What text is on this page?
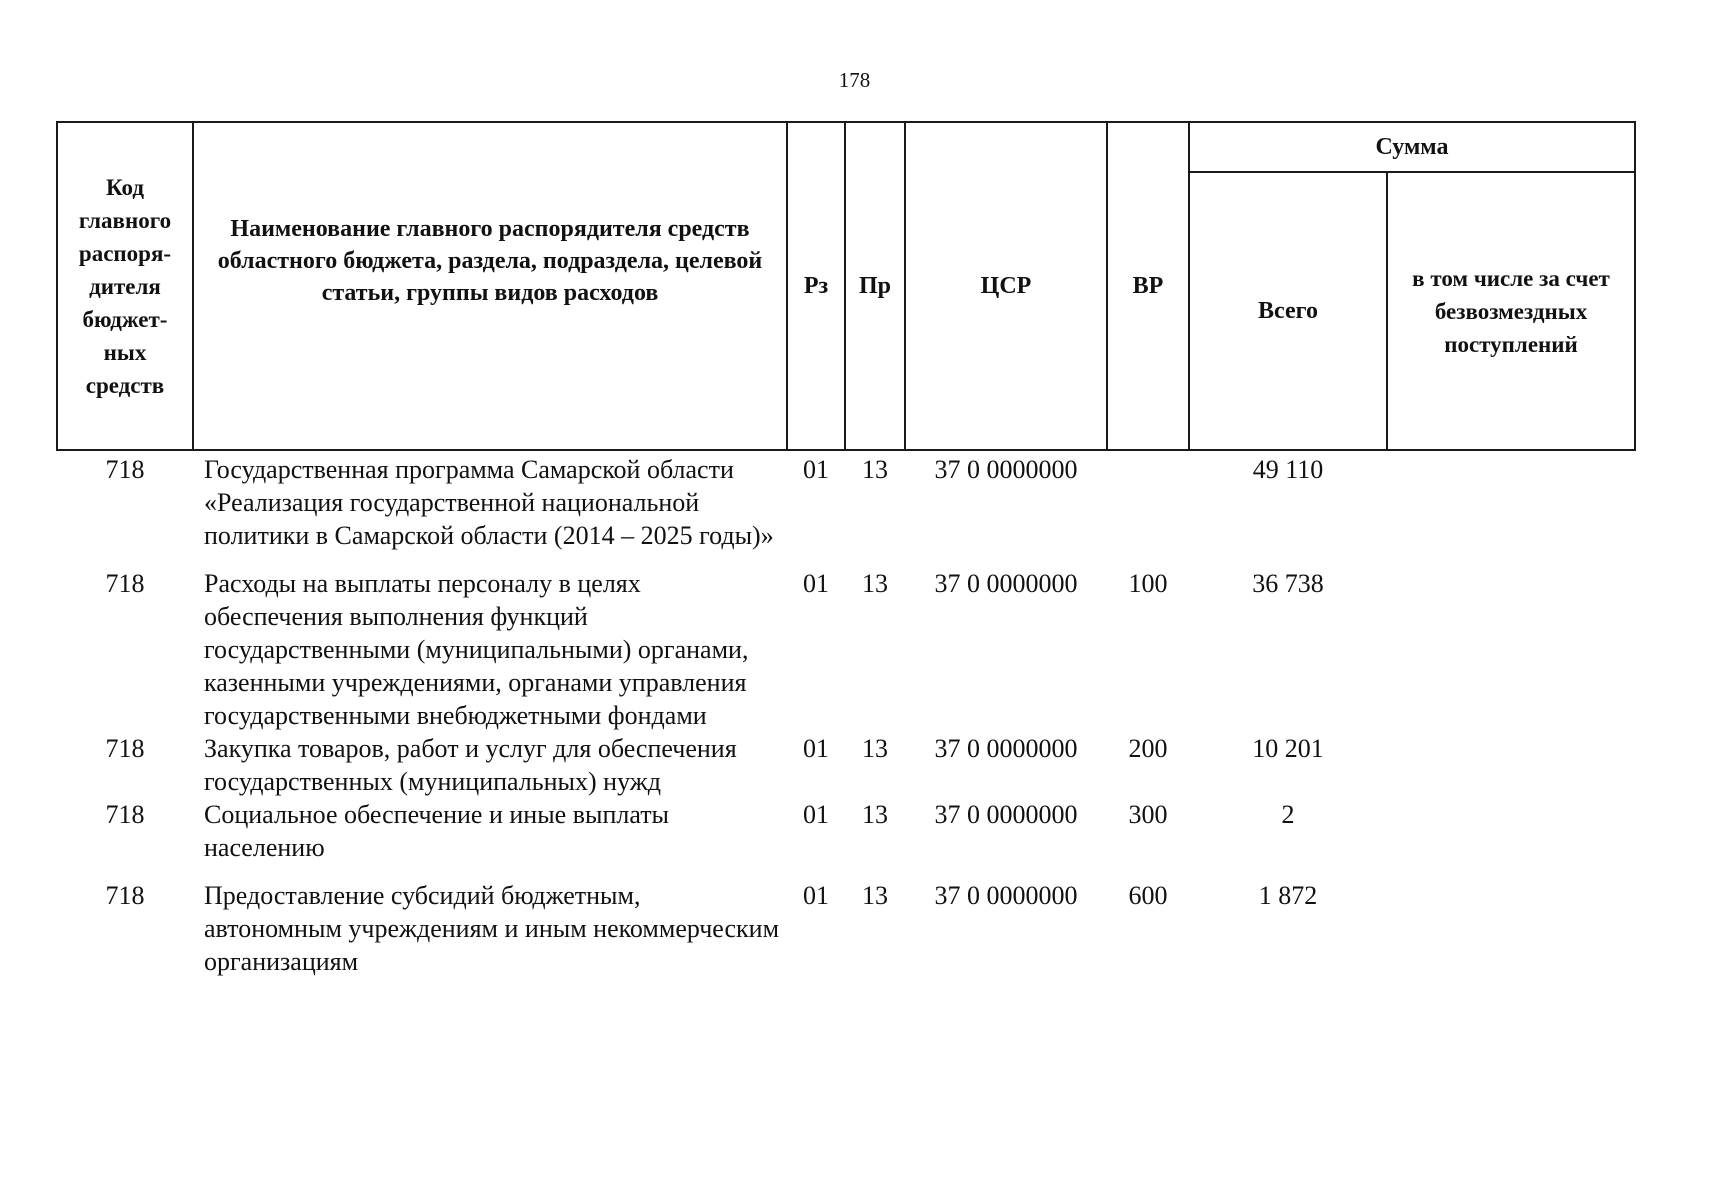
178
Код главного распоря-дителя бюджет-ных средств	Наименование главного распорядителя средств областного бюджета, раздела, подраздела, целевой статьи, группы видов расходов	Рз	Пр	ЦСР	ВР	Сумма	
						Всего	в том числе за счет безвозмездных поступлений
718	Государственная программа Самарской области «Реализация государственной национальной политики в Самарской области (2014 – 2025 годы)»	01	13	37 0 0000000		49 110	
718	Расходы на выплаты персоналу в целях обеспечения выполнения функций государственными (муниципальными) органами, казенными учреждениями, органами управления государственными внебюджетными фондами	01	13	37 0 0000000	100	36 738	
718	Закупка товаров, работ и услуг для обеспечения государственных (муниципальных) нужд	01	13	37 0 0000000	200	10 201	
718	Социальное обеспечение и иные выплаты населению	01	13	37 0 0000000	300	2	
718	Предоставление субсидий бюджетным, автономным учреждениям и иным некоммерческим организациям	01	13	37 0 0000000	600	1 872	
